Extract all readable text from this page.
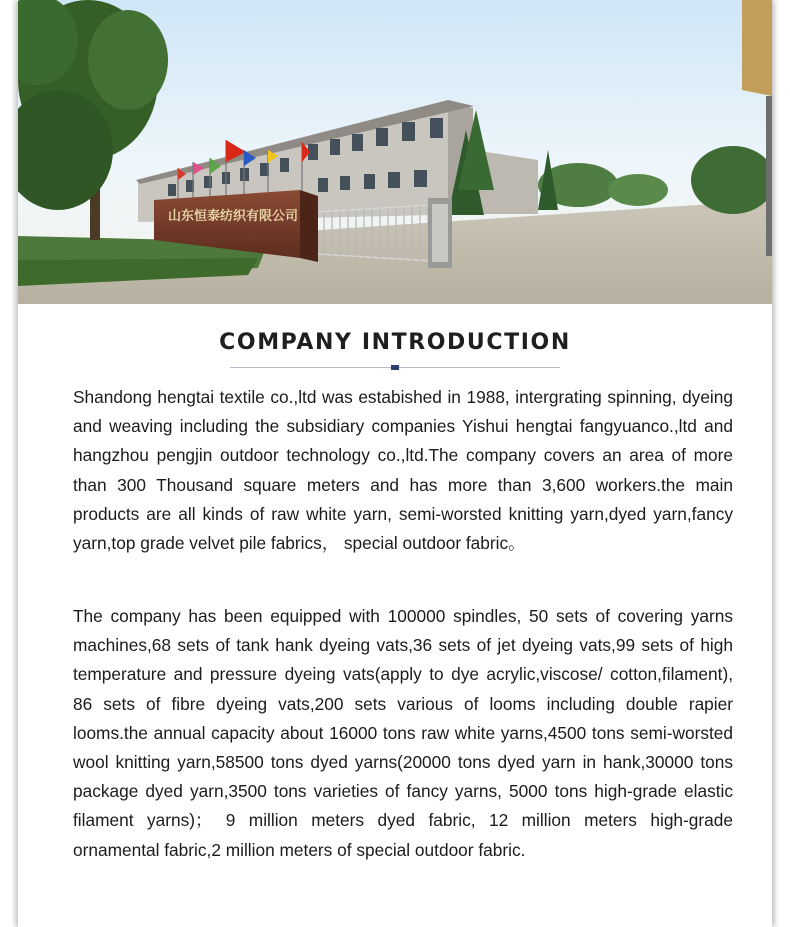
山东恒泰纺织有限公司
COMPANY INTRODUCTION

Shandong hengtai textile co.,ltd was estabished in 1988, intergrating spinning, dyeing and weaving including the subsidiary companies Yishui hengtai fangyuanco.,ltd and hangzhou pengjin outdoor technology co.,ltd.The company covers an area of more than 300 Thousand square meters and has more than 3,600 workers.the main products are all kinds of raw white yarn, semi-worsted knitting yarn,dyed yarn,fancy yarn,top grade velvet pile fabrics， special outdoor fabric。

The company has been equipped with 100000 spindles, 50 sets of covering yarns machines,68 sets of tank hank dyeing vats,36 sets of jet dyeing vats,99 sets of high temperature and pressure dyeing vats(apply to dye acrylic,viscose/ cotton,filament), 86 sets of fibre dyeing vats,200 sets various of looms including double rapier looms.the annual capacity about 16000 tons raw white yarns,4500 tons semi-worsted wool knitting yarn,58500 tons dyed yarns(20000 tons dyed yarn in hank,30000 tons package dyed yarn,3500 tons varieties of fancy yarns, 5000 tons high-grade elastic filament yarns)； 9 million meters dyed fabric, 12 million meters high-grade ornamental fabric,2 million meters of special outdoor fabric.
